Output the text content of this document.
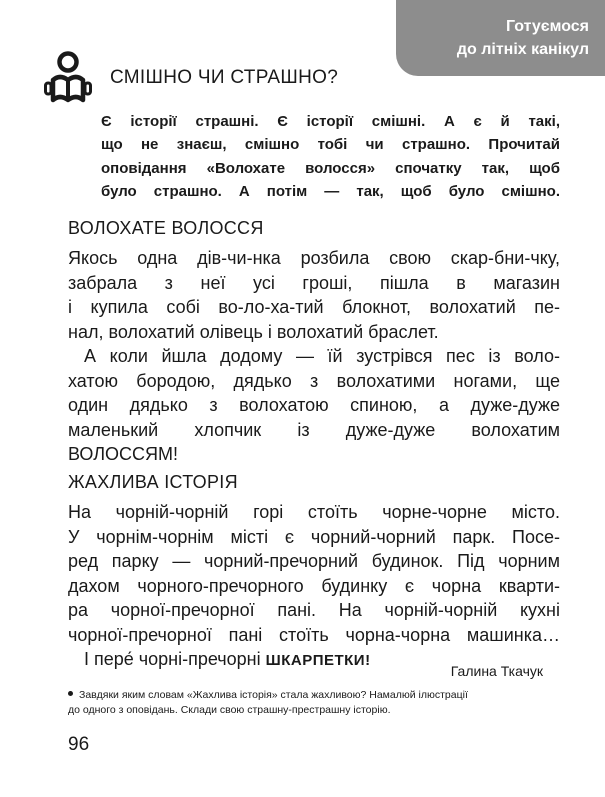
Готуємося
до літніх канікул
СМІШНО ЧИ СТРАШНО?
Є історії страшні. Є історії смішні. А є й такі,
що не знаєш, смішно тобі чи страшно. Прочитай
оповідання «Волохате волосся» спочатку так, щоб
було страшно. А потім — так, щоб було смішно.
ВОЛОХАТЕ ВОЛОССЯ
Якось одна дів-чи-нка розбила свою скар-бни-чку,
забрала з неї усі гроші, пішла в магазин
і купила собі во-ло-ха-тий блокнот, волохатий пе-
нал, волохатий олівець і волохатий браслет.
А коли йшла додому — їй зустрівся пес із воло-
хатою бородою, дядько з волохатими ногами, ще
один дядько з волохатою спиною, а дуже-дуже
маленький хлопчик із дуже-дуже волохатим
ВОЛОССЯМ!
ЖАХЛИВА ІСТОРІЯ
На чорній-чорній горі стоїть чорне-чорне місто.
У чорнім-чорнім місті є чорний-чорний парк. Посе-
ред парку — чорний-пречорний будинок. Під чорним
дахом чорного-пречорного будинку є чорна кварти-
ра чорної-пречорної пані. На чорній-чорній кухні
чорної-пречорної пані стоїть чорна-чорна машинка…
І пере́ чорні-пречорні ШКАРПЕТКИ!
Галина Ткачук
Завдяки яким словам «Жахлива історія» стала жахливою? Намалюй ілюстрації
до одного з оповідань. Склади свою страшну-престрашну історію.
96
